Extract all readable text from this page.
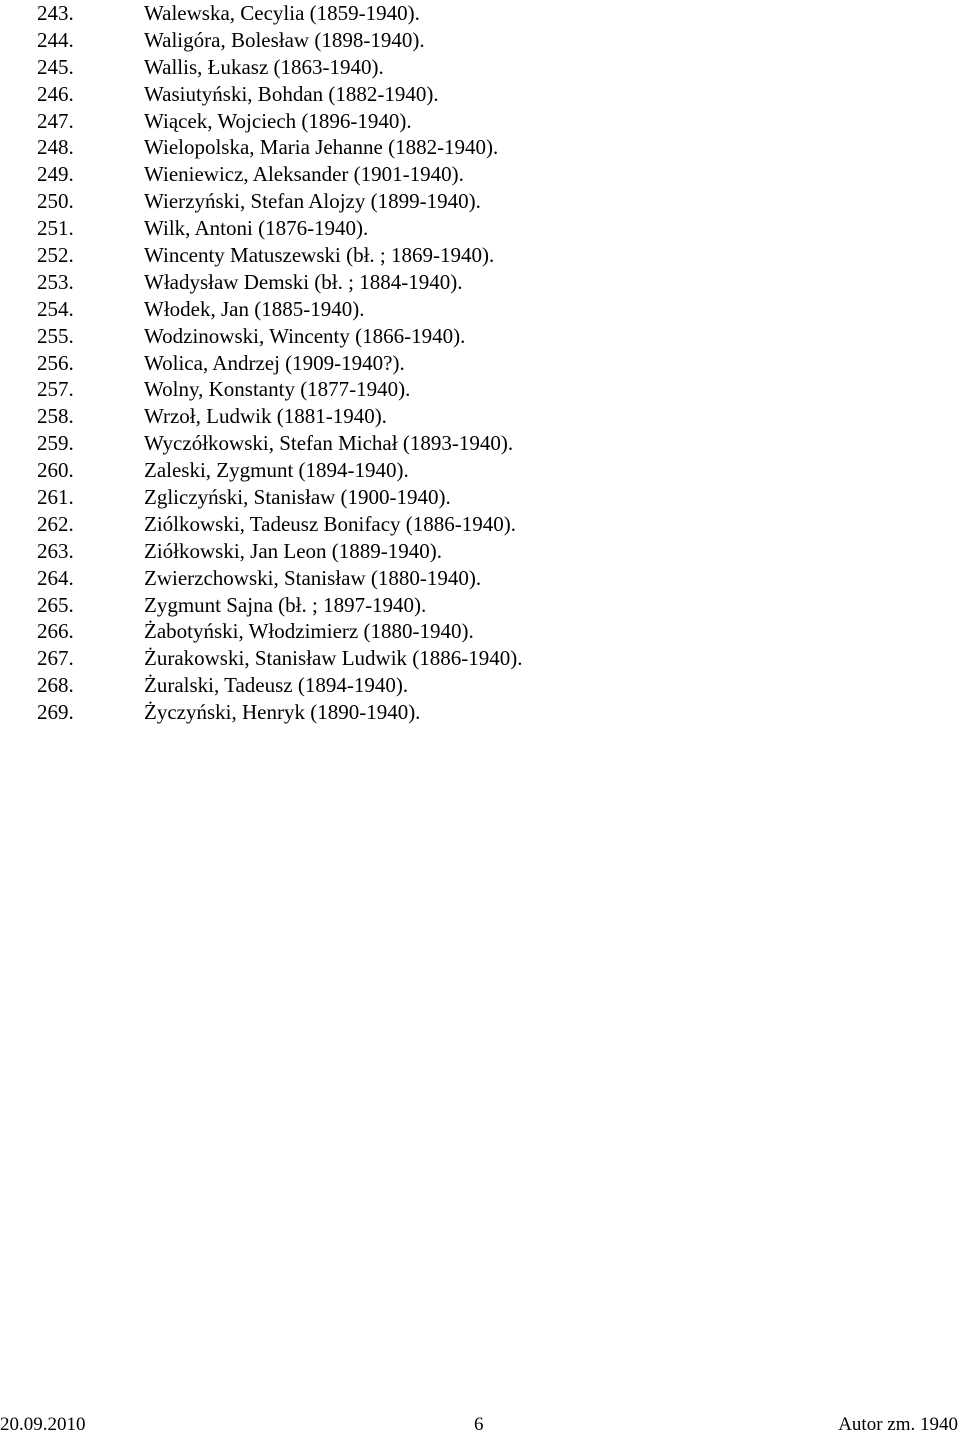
243.	Walewska, Cecylia (1859-1940).
244.	Waligóra, Bolesław (1898-1940).
245.	Wallis, Łukasz (1863-1940).
246.	Wasiutyński, Bohdan (1882-1940).
247.	Wiącek, Wojciech (1896-1940).
248.	Wielopolska, Maria Jehanne (1882-1940).
249.	Wieniewicz, Aleksander (1901-1940).
250.	Wierzyński, Stefan Alojzy (1899-1940).
251.	Wilk, Antoni (1876-1940).
252.	Wincenty Matuszewski (bł. ; 1869-1940).
253.	Władysław Demski (bł. ; 1884-1940).
254.	Włodek, Jan (1885-1940).
255.	Wodzinowski, Wincenty (1866-1940).
256.	Wolica, Andrzej (1909-1940?).
257.	Wolny, Konstanty (1877-1940).
258.	Wrzoł, Ludwik (1881-1940).
259.	Wyczółkowski, Stefan Michał (1893-1940).
260.	Zaleski, Zygmunt (1894-1940).
261.	Zgliczyński, Stanisław (1900-1940).
262.	Ziólkowski, Tadeusz Bonifacy (1886-1940).
263.	Ziółkowski, Jan Leon (1889-1940).
264.	Zwierzchowski, Stanisław (1880-1940).
265.	Zygmunt Sajna (bł. ; 1897-1940).
266.	Żabotyński, Włodzimierz (1880-1940).
267.	Żurakowski, Stanisław Ludwik (1886-1940).
268.	Żuralski, Tadeusz (1894-1940).
269.	Życzyński, Henryk (1890-1940).
20.09.2010	6	Autor zm. 1940
